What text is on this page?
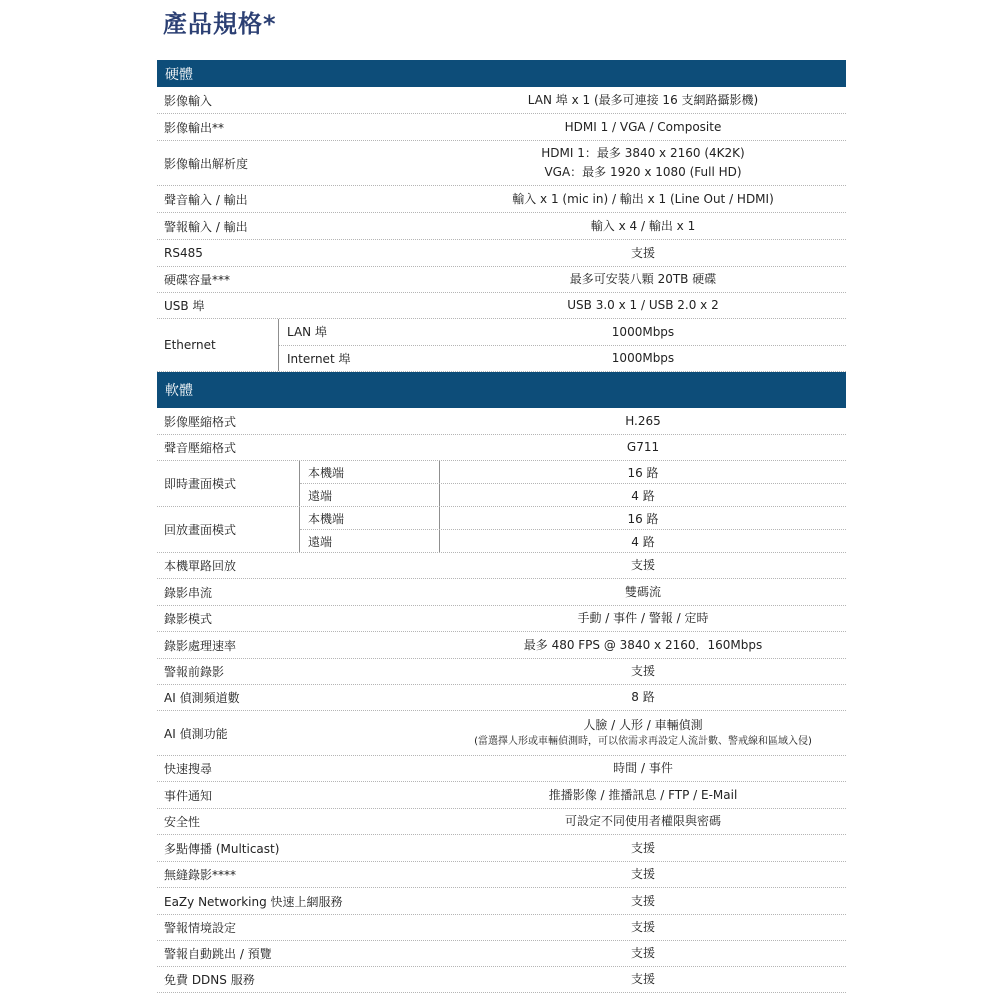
產品規格*
硬體
影像輸入	LAN 埠 x 1 (最多可連接 16 支網路攝影機)
影像輸出**	HDMI 1 / VGA / Composite
影像輸出解析度
HDMI 1：最多 3840 x 2160 (4K2K)
VGA：最多 1920 x 1080 (Full HD)
聲音輸入 / 輸出	輸入 x 1 (mic in) / 輸出 x 1 (Line Out / HDMI)
警報輸入 / 輸出	輸入 x 4 / 輸出 x 1
RS485	支援
硬碟容量***	最多可安裝八顆 20TB 硬碟
USB 埠	USB 3.0 x 1 / USB 2.0 x 2
Ethernet
LAN 埠	1000Mbps
Internet 埠	1000Mbps
軟體
影像壓縮格式	H.265
聲音壓縮格式	G711
即時畫面模式
本機端	16 路
遠端	4 路
回放畫面模式
本機端	16 路
遠端	4 路
本機單路回放	支援
錄影串流	雙碼流
錄影模式	手動 / 事件 / 警報 / 定時
錄影處理速率	最多 480 FPS @ 3840 x 2160．160Mbps
警報前錄影	支援
AI 偵測頻道數	8 路
AI 偵測功能
人臉 / 人形 / 車輛偵測
(當選擇人形或車輛偵測時，可以依需求再設定人流計數、警戒線和區域入侵)
快速搜尋	時間 / 事件
事件通知	推播影像 / 推播訊息 / FTP / E-Mail
安全性	可設定不同使用者權限與密碼
多點傳播 (Multicast)	支援
無縫錄影****	支援
EaZy Networking 快速上網服務	支援
警報情境設定	支援
警報自動跳出 / 預覽	支援
免費 DDNS 服務	支援
